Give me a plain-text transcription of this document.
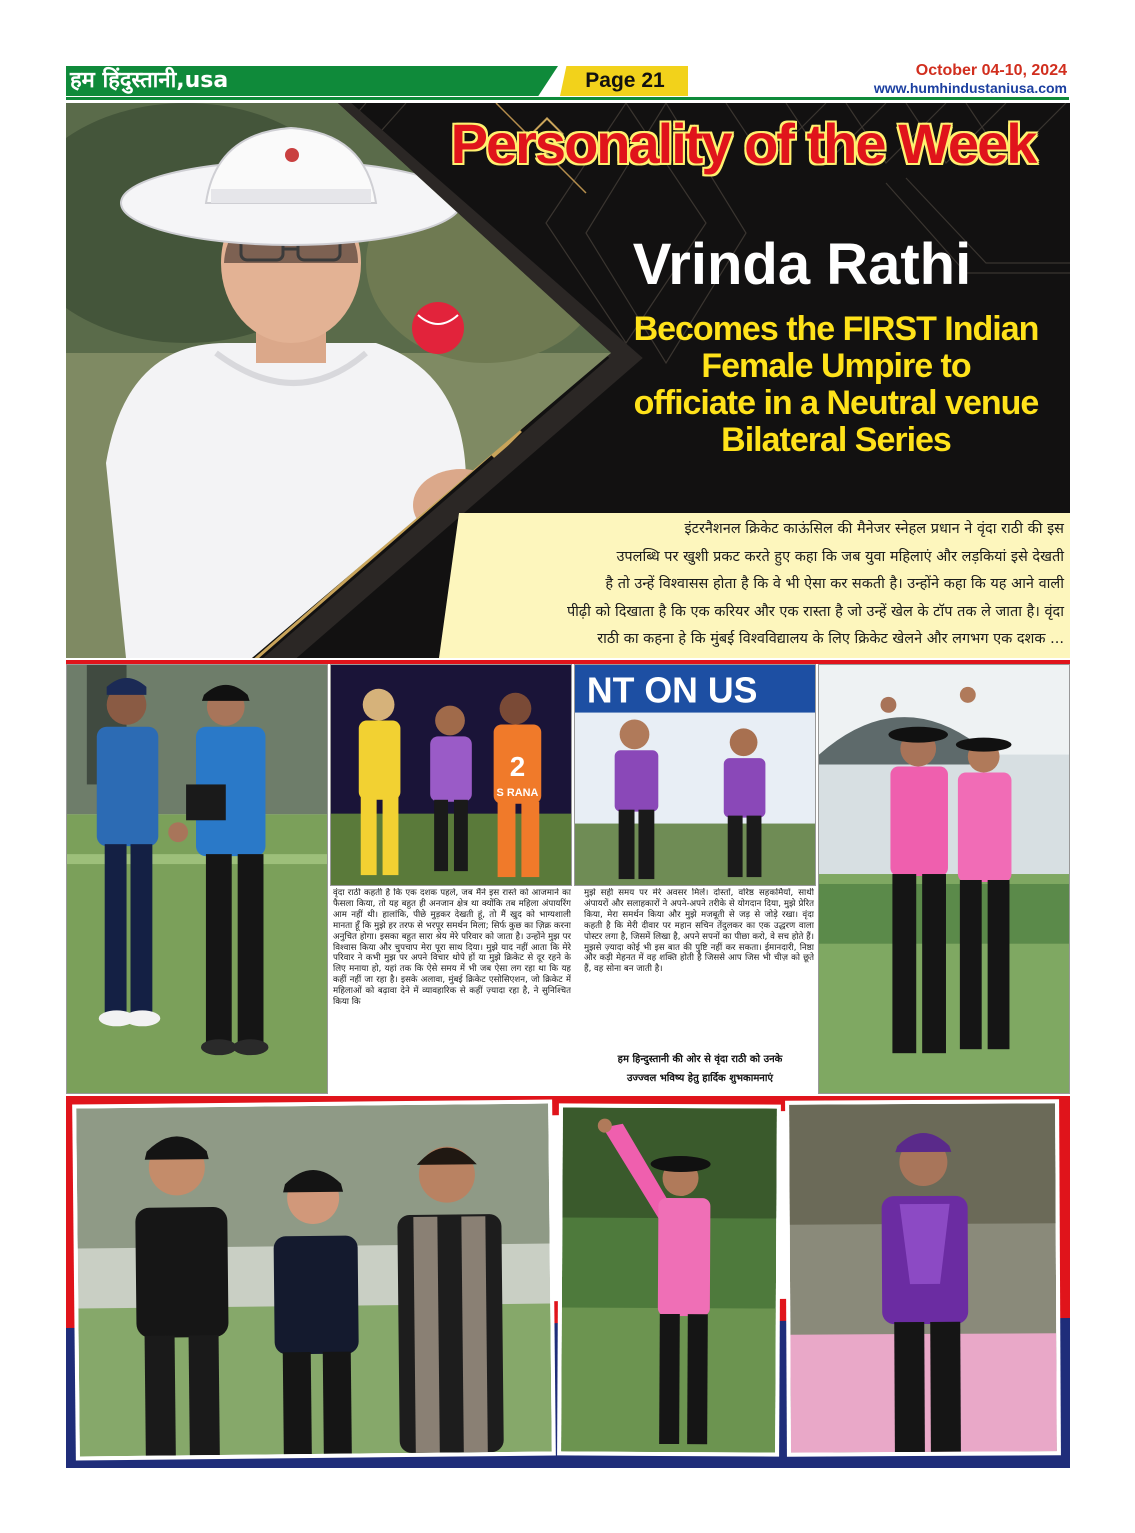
हम हिंदुस्तानी,usa	Page 21	October 04-10, 2024
www.humhindustaniusa.com
Personality of the Week
Vrinda Rathi
Becomes the FIRST Indian
Female Umpire to
officiate in a Neutral venue
Bilateral Series
इंटरनैशनल क्रिकेट काऊंसिल की मैनेजर स्नेहल प्रधान ने वृंदा राठी की इस
उपलब्धि पर खुशी प्रकट करते हुए कहा कि जब युवा महिलाएं और लड़कियां इसे देखती
है तो उन्हें विश्वासस होता है कि वे भी ऐसा कर सकती है। उन्होंने कहा कि यह आने वाली
पीढ़ी को दिखाता है कि एक करियर और एक रास्ता है जो उन्हें खेल के टॉप तक ले जाता है। वृंदा
राठी का कहना हे कि मुंबई विश्वविद्यालय के लिए क्रिकेट खेलने और लगभग एक दशक ...
2
S RANA
NT ON US

वृंदा राठी कहती है कि एक दशक पहले, जब मैंने इस रास्ते को आजमाने का फैसला किया, तो यह बहुत ही अनजान क्षेत्र था क्योंकि तब महिला अंपायरिंग आम नहीं थी। हालांकि, पीछे मुड़कर देखती हूं, तो मैं खुद को भाग्यशाली मानता हूँ कि मुझे हर तरफ से भरपूर समर्थन मिला; सिर्फ कुछ का ज़िक्र करना अनुचित होगा। इसका बहुत सारा श्रेय मेरे परिवार को जाता है। उन्होंने मुझ पर विश्वास किया और चुपचाप मेरा पूरा साथ दिया। मुझे याद नहीं आता कि मेरे परिवार ने कभी मुझ पर अपने विचार थोपे हों या मुझे क्रिकेट से दूर रहने के लिए मनाया हो, यहां तक कि ऐसे समय में भी जब ऐसा लग रहा था कि यह कहीं नहीं जा रहा है। इसके अलावा, मुंबई क्रिकेट एसोसिएशन, जो क्रिकेट में महिलाओं को बढ़ावा देने में व्यावहारिक से कहीं ज़्यादा रहा है, ने सुनिश्चित किया कि

मुझे सही समय पर मेरे अवसर मिलें। दोस्तों, वरिष्ठ सहकर्मियों, साथी अंपायरों और सलाहकारों ने अपने-अपने तरीके से योगदान दिया, मुझे प्रेरित किया, मेरा समर्थन किया और मुझे मजबूती से जड़ से जोड़े रखा। वृंदा कहती है कि मेरी दीवार पर महान सचिन तेंदुलकर का एक उद्धरण वाला पोस्टर लगा है, जिसमें लिखा है, अपने सपनों का पीछा करो, वे सच होते हैं। मुझसे ज़्यादा कोई भी इस बात की पुष्टि नहीं कर सकता। ईमानदारी, निष्ठा और कड़ी मेहनत में वह शक्ति होती है जिससे आप जिस भी चीज़ को छूते हैं, वह सोना बन जाती है।

हम हिन्दुस्तानी की ओर से वृंदा राठी को उनके
उज्ज्वल भविष्य हेतु हार्दिक शुभकामनाएं
